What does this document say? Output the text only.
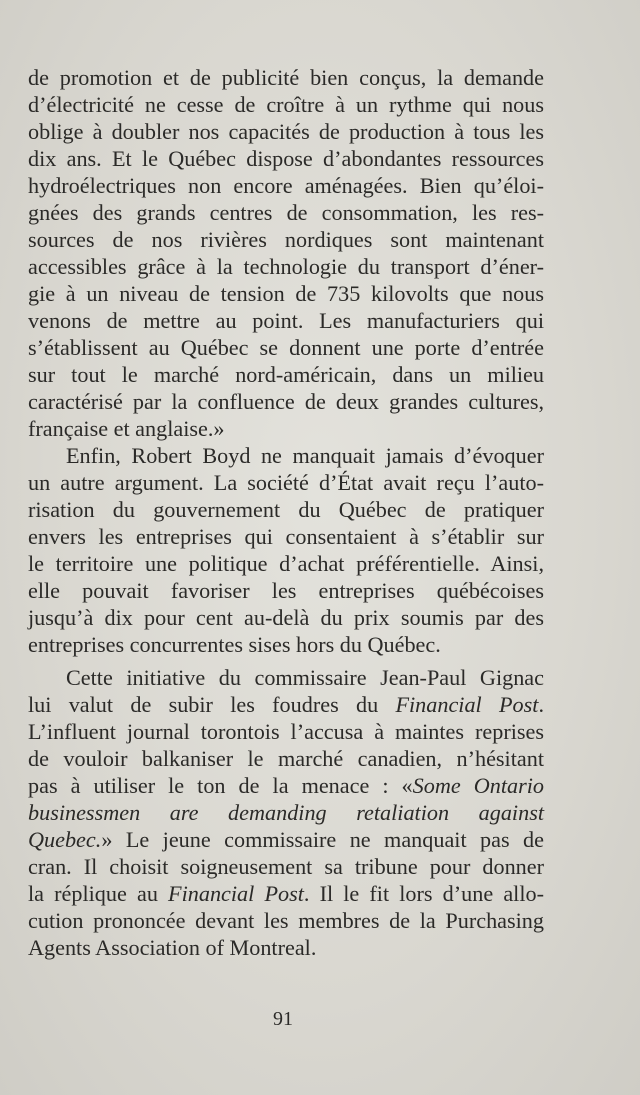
de promotion et de publicité bien conçus, la demande
d’électricité ne cesse de croître à un rythme qui nous
oblige à doubler nos capacités de production à tous les
dix ans. Et le Québec dispose d’abondantes ressources
hydroélectriques non encore aménagées. Bien qu’éloi-
gnées des grands centres de consommation, les res-
sources de nos rivières nordiques sont maintenant
accessibles grâce à la technologie du transport d’éner-
gie à un niveau de tension de 735 kilovolts que nous
venons de mettre au point. Les manufacturiers qui
s’établissent au Québec se donnent une porte d’entrée
sur tout le marché nord-américain, dans un milieu
caractérisé par la confluence de deux grandes cultures,
française et anglaise.»
Enfin, Robert Boyd ne manquait jamais d’évoquer
un autre argument. La société d’État avait reçu l’auto-
risation du gouvernement du Québec de pratiquer
envers les entreprises qui consentaient à s’établir sur
le territoire une politique d’achat préférentielle. Ainsi,
elle pouvait favoriser les entreprises québécoises
jusqu’à dix pour cent au-delà du prix soumis par des
entreprises concurrentes sises hors du Québec.
Cette initiative du commissaire Jean-Paul Gignac
lui valut de subir les foudres du Financial Post.
L’influent journal torontois l’accusa à maintes reprises
de vouloir balkaniser le marché canadien, n’hésitant
pas à utiliser le ton de la menace : «Some Ontario
businessmen are demanding retaliation against
Quebec.» Le jeune commissaire ne manquait pas de
cran. Il choisit soigneusement sa tribune pour donner
la réplique au Financial Post. Il le fit lors d’une allo-
cution prononcée devant les membres de la Purchasing
Agents Association of Montreal.
91
